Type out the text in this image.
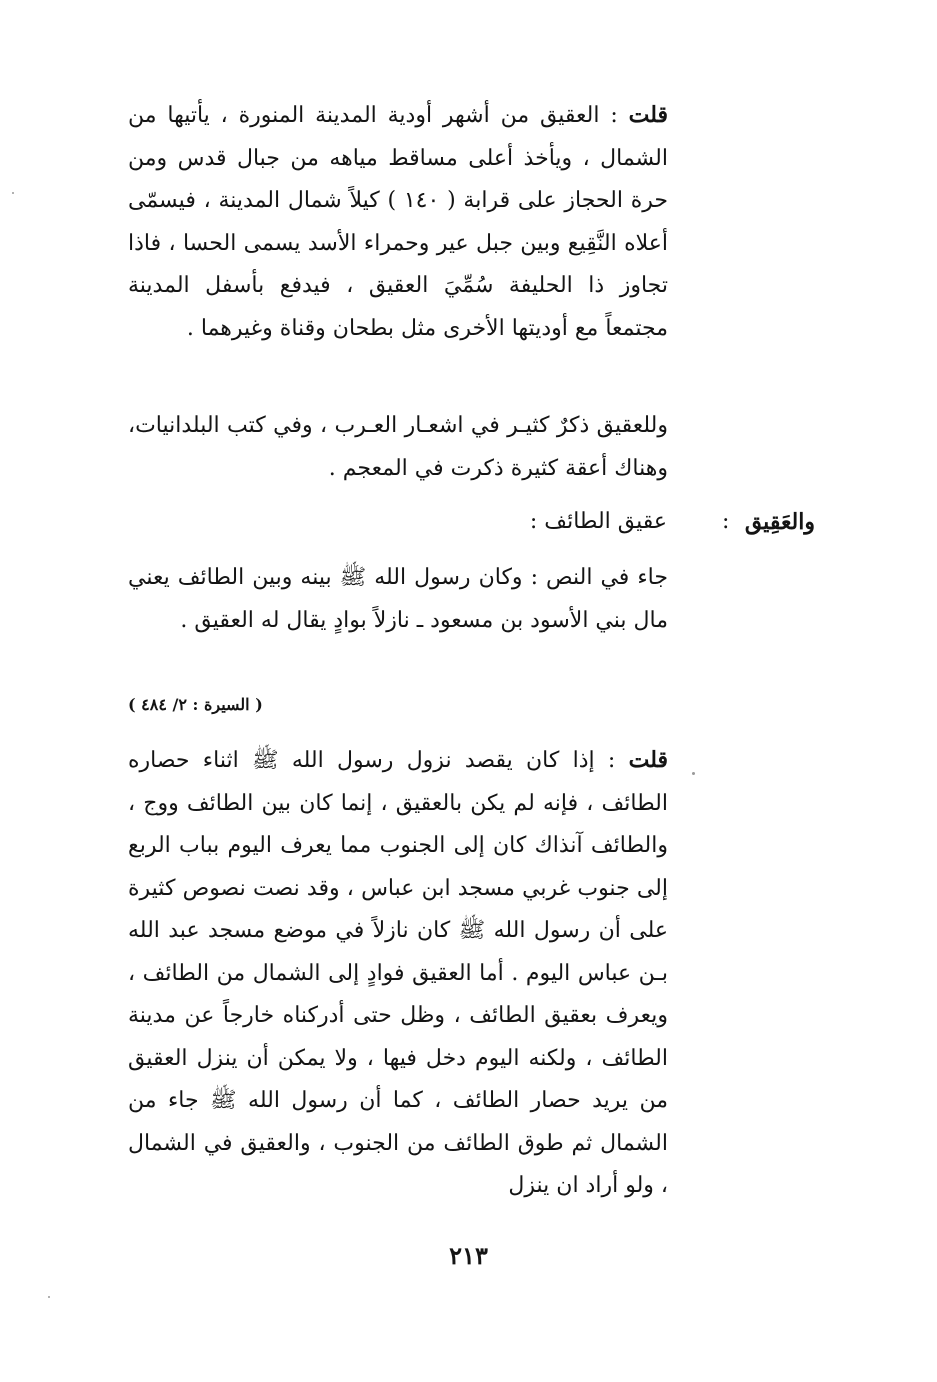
قلت : العقيق من أشهر أودية المدينة المنورة ، يأتيها من الشمال ، ويأخذ أعلى مساقط مياهه من جبال قدس ومن حرة الحجاز على قرابة ( ١٤٠ ) كيلاً شمال المدينة ، فيسمّى أعلاه النَّقِيع وبين جبل عير وحمراء الأسد يسمى الحسا ، فاذا تجاوز ذا الحليفة سُمِّيَ العقيق ، فيدفع بأسفل المدينة مجتمعاً مع أوديتها الأخرى مثل بطحان وقناة وغيرهما .
وللعقيق ذكرٌ كثيـر في اشعـار العـرب ، وفي كتب البلدانيات، وهناك أعقة كثيرة ذكرت في المعجم .
والعَقِيق
:
عقيق الطائف :
جاء في النص : وكان رسول الله ﷺ بينه وبين الطائف يعني مال بني الأسود بن مسعود ـ نازلاً بوادٍ يقال له العقيق .
( السيرة : ٢/ ٤٨٤ )
قلت : إذا كان يقصد نزول رسول الله ﷺ اثناء حصاره الطائف ، فإنه لم يكن بالعقيق ، إنما كان بين الطائف ووج ، والطائف آنذاك كان إلى الجنوب مما يعرف اليوم بباب الربع إلى جنوب غربي مسجد ابن عباس ، وقد نصت نصوص كثيرة على أن رسول الله ﷺ كان نازلاً في موضع مسجد عبد الله بـن عباس اليوم . أما العقيق فوادٍ إلى الشمال من الطائف ، ويعرف بعقيق الطائف ، وظل حتى أدركناه خارجاً عن مدينة الطائف ، ولكنه اليوم دخل فيها ، ولا يمكن أن ينزل العقيق من يريد حصار الطائف ، كما أن رسول الله ﷺ جاء من الشمال ثم طوق الطائف من الجنوب ، والعقيق في الشمال ، ولو أراد ان ينزل
٢١٣
